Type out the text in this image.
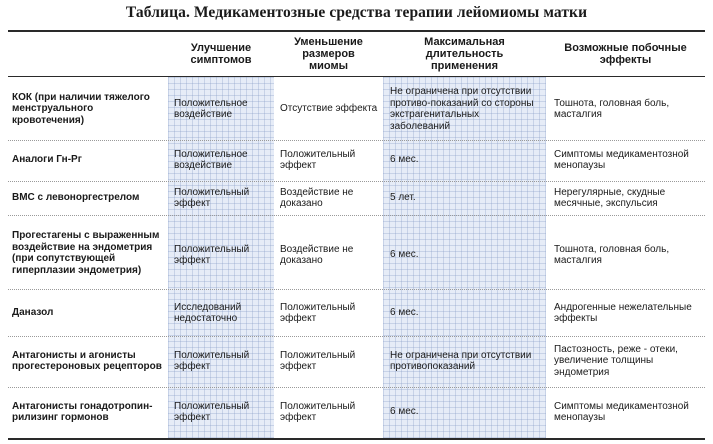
Таблица. Медикаментозные средства терапии лейомиомы матки
Улучшение симптомов
Уменьшение размеров миомы
Максимальная длительность применения
Возможные побочные эффекты
КОК (при наличии тяжелого менструального кровотечения)
Положительное воздействие
Отсутствие эффекта
Не ограничена при отсутствии противо-показаний со стороны экстрагенитальных заболеваний
Тошнота, головная боль, масталгия
Аналоги Гн-Рг
Положительное воздействие
Положительный эффект
6 мес.
Симптомы медикаментозной менопаузы
ВМС с левоноргестрелом
Положительный эффект
Воздействие не доказано
5 лет.
Нерегулярные, скудные месячные, экспульсия
Прогестагены с выраженным воздействие на эндометрия (при сопутствующей гиперплазии эндометрия)
Положительный эффект
Воздействие не доказано
6 мес.
Тошнота, головная боль, масталгия
Даназол
Исследований недостаточно
Положительный эффект
6 мес.
Андрогенные нежелательные эффекты
Антагонисты и агонисты прогестероновых рецепторов
Положительный эффект
Положительный эффект
Не ограничена при отсутствии противопоказаний
Пастозность, реже - отеки, увеличение толщины эндометрия
Антагонисты гонадотропин-рилизинг гормонов
Положительный эффект
Положительный эффект
6 мес.
Симптомы медикаментозной менопаузы
